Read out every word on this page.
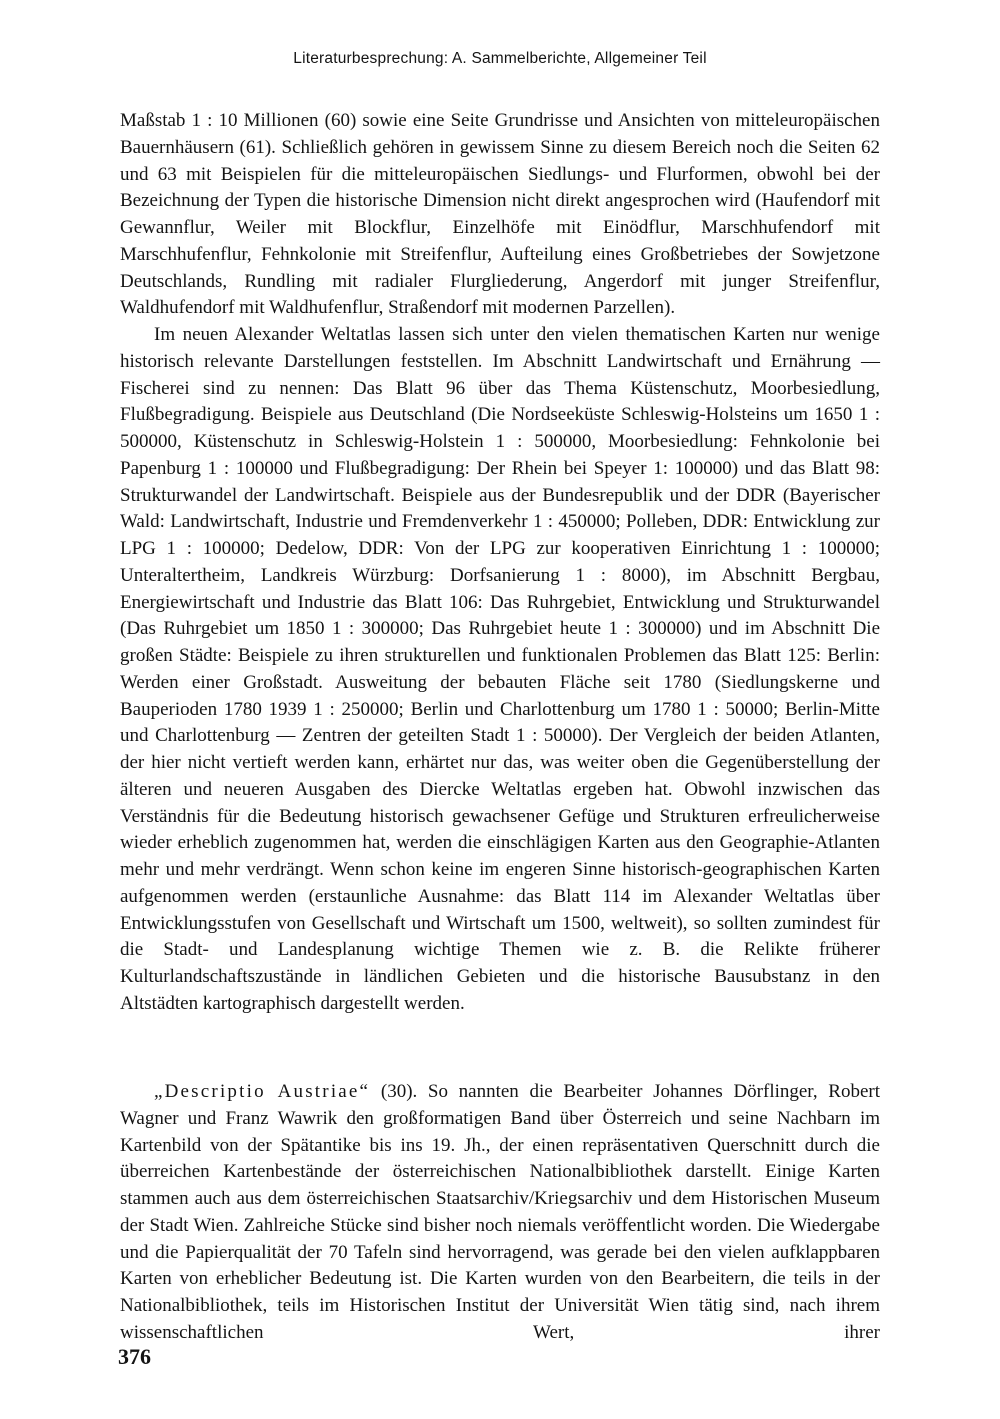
Literaturbesprechung: A. Sammelberichte, Allgemeiner Teil

Maßstab 1 : 10 Millionen (60) sowie eine Seite Grundrisse und Ansichten von mitteleuropäischen Bauernhäusern (61). Schließlich gehören in gewissem Sinne zu diesem Bereich noch die Seiten 62 und 63 mit Beispielen für die mitteleuropäischen Siedlungs- und Flurformen, obwohl bei der Bezeichnung der Typen die historische Dimension nicht direkt angesprochen wird (Haufendorf mit Gewannflur, Weiler mit Blockflur, Einzelhöfe mit Einödflur, Marschhufendorf mit Marschhufenflur, Fehnkolonie mit Streifenflur, Aufteilung eines Großbetriebes der Sowjetzone Deutschlands, Rundling mit radialer Flurgliederung, Angerdorf mit junger Streifenflur, Waldhufendorf mit Waldhufenflur, Straßendorf mit modernen Parzellen).

Im neuen Alexander Weltatlas lassen sich unter den vielen thematischen Karten nur wenige historisch relevante Darstellungen feststellen. Im Abschnitt Landwirtschaft und Ernährung — Fischerei sind zu nennen: Das Blatt 96 über das Thema Küstenschutz, Moorbesiedlung, Flußbegradigung. Beispiele aus Deutschland (Die Nordseeküste Schleswig-Holsteins um 1650 1 : 500000, Küstenschutz in Schleswig-Holstein 1 : 500000, Moorbesiedlung: Fehnkolonie bei Papenburg 1 : 100000 und Flußbegradigung: Der Rhein bei Speyer 1: 100000) und das Blatt 98: Strukturwandel der Landwirtschaft. Beispiele aus der Bundesrepublik und der DDR (Bayerischer Wald: Landwirtschaft, Industrie und Fremdenverkehr 1 : 450000; Polleben, DDR: Entwicklung zur LPG 1 : 100000; Dedelow, DDR: Von der LPG zur kooperativen Einrichtung 1 : 100000; Unteraltertheim, Landkreis Würzburg: Dorfsanierung 1 : 8000), im Abschnitt Bergbau, Energiewirtschaft und Industrie das Blatt 106: Das Ruhrgebiet, Entwicklung und Strukturwandel (Das Ruhrgebiet um 1850 1 : 300000; Das Ruhrgebiet heute 1 : 300000) und im Abschnitt Die großen Städte: Beispiele zu ihren strukturellen und funktionalen Problemen das Blatt 125: Berlin: Werden einer Großstadt. Ausweitung der bebauten Fläche seit 1780 (Siedlungskerne und Bauperioden 1780 1939 1 : 250000; Berlin und Charlottenburg um 1780 1 : 50000; Berlin-Mitte und Charlottenburg — Zentren der geteilten Stadt 1 : 50000). Der Vergleich der beiden Atlanten, der hier nicht vertieft werden kann, erhärtet nur das, was weiter oben die Gegenüberstellung der älteren und neueren Ausgaben des Diercke Weltatlas ergeben hat. Obwohl inzwischen das Verständnis für die Bedeutung historisch gewachsener Gefüge und Strukturen erfreulicherweise wieder erheblich zugenommen hat, werden die einschlägigen Karten aus den Geographie-Atlanten mehr und mehr verdrängt. Wenn schon keine im engeren Sinne historisch-geographischen Karten aufgenommen werden (erstaunliche Ausnahme: das Blatt 114 im Alexander Weltatlas über Entwicklungsstufen von Gesellschaft und Wirtschaft um 1500, weltweit), so sollten zumindest für die Stadt- und Landesplanung wichtige Themen wie z. B. die Relikte früherer Kulturlandschaftszustände in ländlichen Gebieten und die historische Bausubstanz in den Altstädten kartographisch dargestellt werden.

„Descriptio Austriae“ (30). So nannten die Bearbeiter Johannes Dörflinger, Robert Wagner und Franz Wawrik den großformatigen Band über Österreich und seine Nachbarn im Kartenbild von der Spätantike bis ins 19. Jh., der einen repräsentativen Querschnitt durch die überreichen Kartenbestände der österreichischen Nationalbibliothek darstellt. Einige Karten stammen auch aus dem österreichischen Staatsarchiv/Kriegsarchiv und dem Historischen Museum der Stadt Wien. Zahlreiche Stücke sind bisher noch niemals veröffentlicht worden. Die Wiedergabe und die Papierqualität der 70 Tafeln sind hervorragend, was gerade bei den vielen aufklappbaren Karten von erheblicher Bedeutung ist. Die Karten wurden von den Bearbeitern, die teils in der Nationalbibliothek, teils im Historischen Institut der Universität Wien tätig sind, nach ihrem wissenschaftlichen Wert, ihrer

376
